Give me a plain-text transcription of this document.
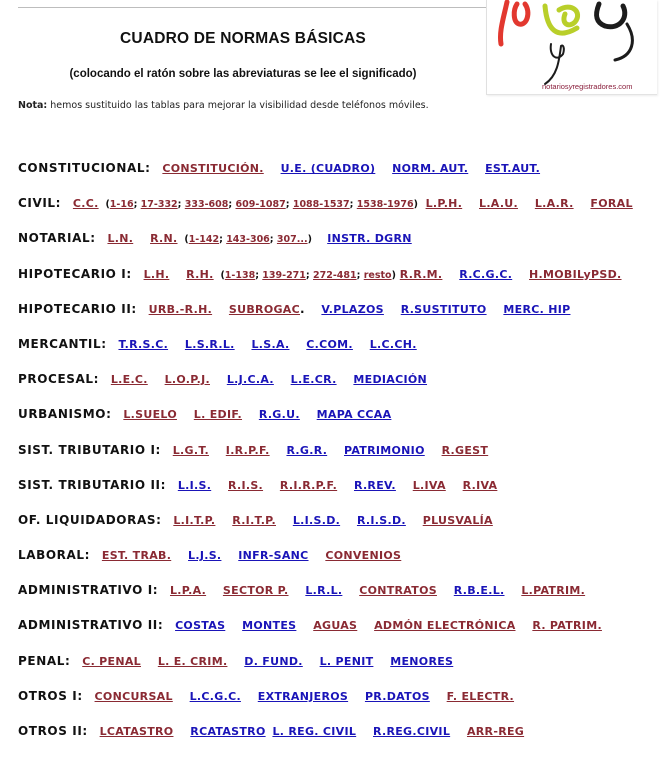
notariosyregistradores.com
CUADRO DE NORMAS BÁSICAS
(colocando el ratón sobre las abreviaturas se lee el significado)
Nota: hemos sustituido las tablas para mejorar la visibilidad desde teléfonos móviles.
CONSTITUCIONAL: CONSTITUCIÓN. U.E. (CUADRO) NORM. AUT. EST.AUT.
CIVIL: C.C. (1-16; 17-332; 333-608; 609-1087; 1088-1537; 1538-1976) L.P.H. L.A.U. L.A.R. FORAL
NOTARIAL: L.N. R.N. (1-142; 143-306; 307...) INSTR. DGRN
HIPOTECARIO I: L.H. R.H. (1-138; 139-271; 272-481; resto) R.R.M. R.C.G.C. H.MOBILyPSD.
HIPOTECARIO II: URB.-R.H. SUBROGAC. V.PLAZOS R.SUSTITUTO MERC. HIP
MERCANTIL: T.R.S.C. L.S.R.L. L.S.A. C.COM. L.C.CH.
PROCESAL: L.E.C. L.O.P.J. L.J.C.A. L.E.CR. MEDIACIÓN
URBANISMO: L.SUELO L. EDIF. R.G.U. MAPA CCAA
SIST. TRIBUTARIO I: L.G.T. I.R.P.F. R.G.R. PATRIMONIO R.GEST
SIST. TRIBUTARIO II: L.I.S. R.I.S. R.I.R.P.F. R.REV. L.IVA R.IVA
OF. LIQUIDADORAS: L.I.T.P. R.I.T.P. L.I.S.D. R.I.S.D. PLUSVALÍA
LABORAL: EST. TRAB. L.J.S. INFR-SANC CONVENIOS
ADMINISTRATIVO I: L.P.A. SECTOR P. L.R.L. CONTRATOS R.B.E.L. L.PATRIM.
ADMINISTRATIVO II: COSTAS MONTES AGUAS ADMÓN ELECTRÓNICA R. PATRIM.
PENAL: C. PENAL L. E. CRIM. D. FUND. L. PENIT MENORES
OTROS I: CONCURSAL L.C.G.C. EXTRANJEROS PR.DATOS F. ELECTR.
OTROS II: LCATASTRO RCATASTRO L. REG. CIVIL R.REG.CIVIL ARR-REG
